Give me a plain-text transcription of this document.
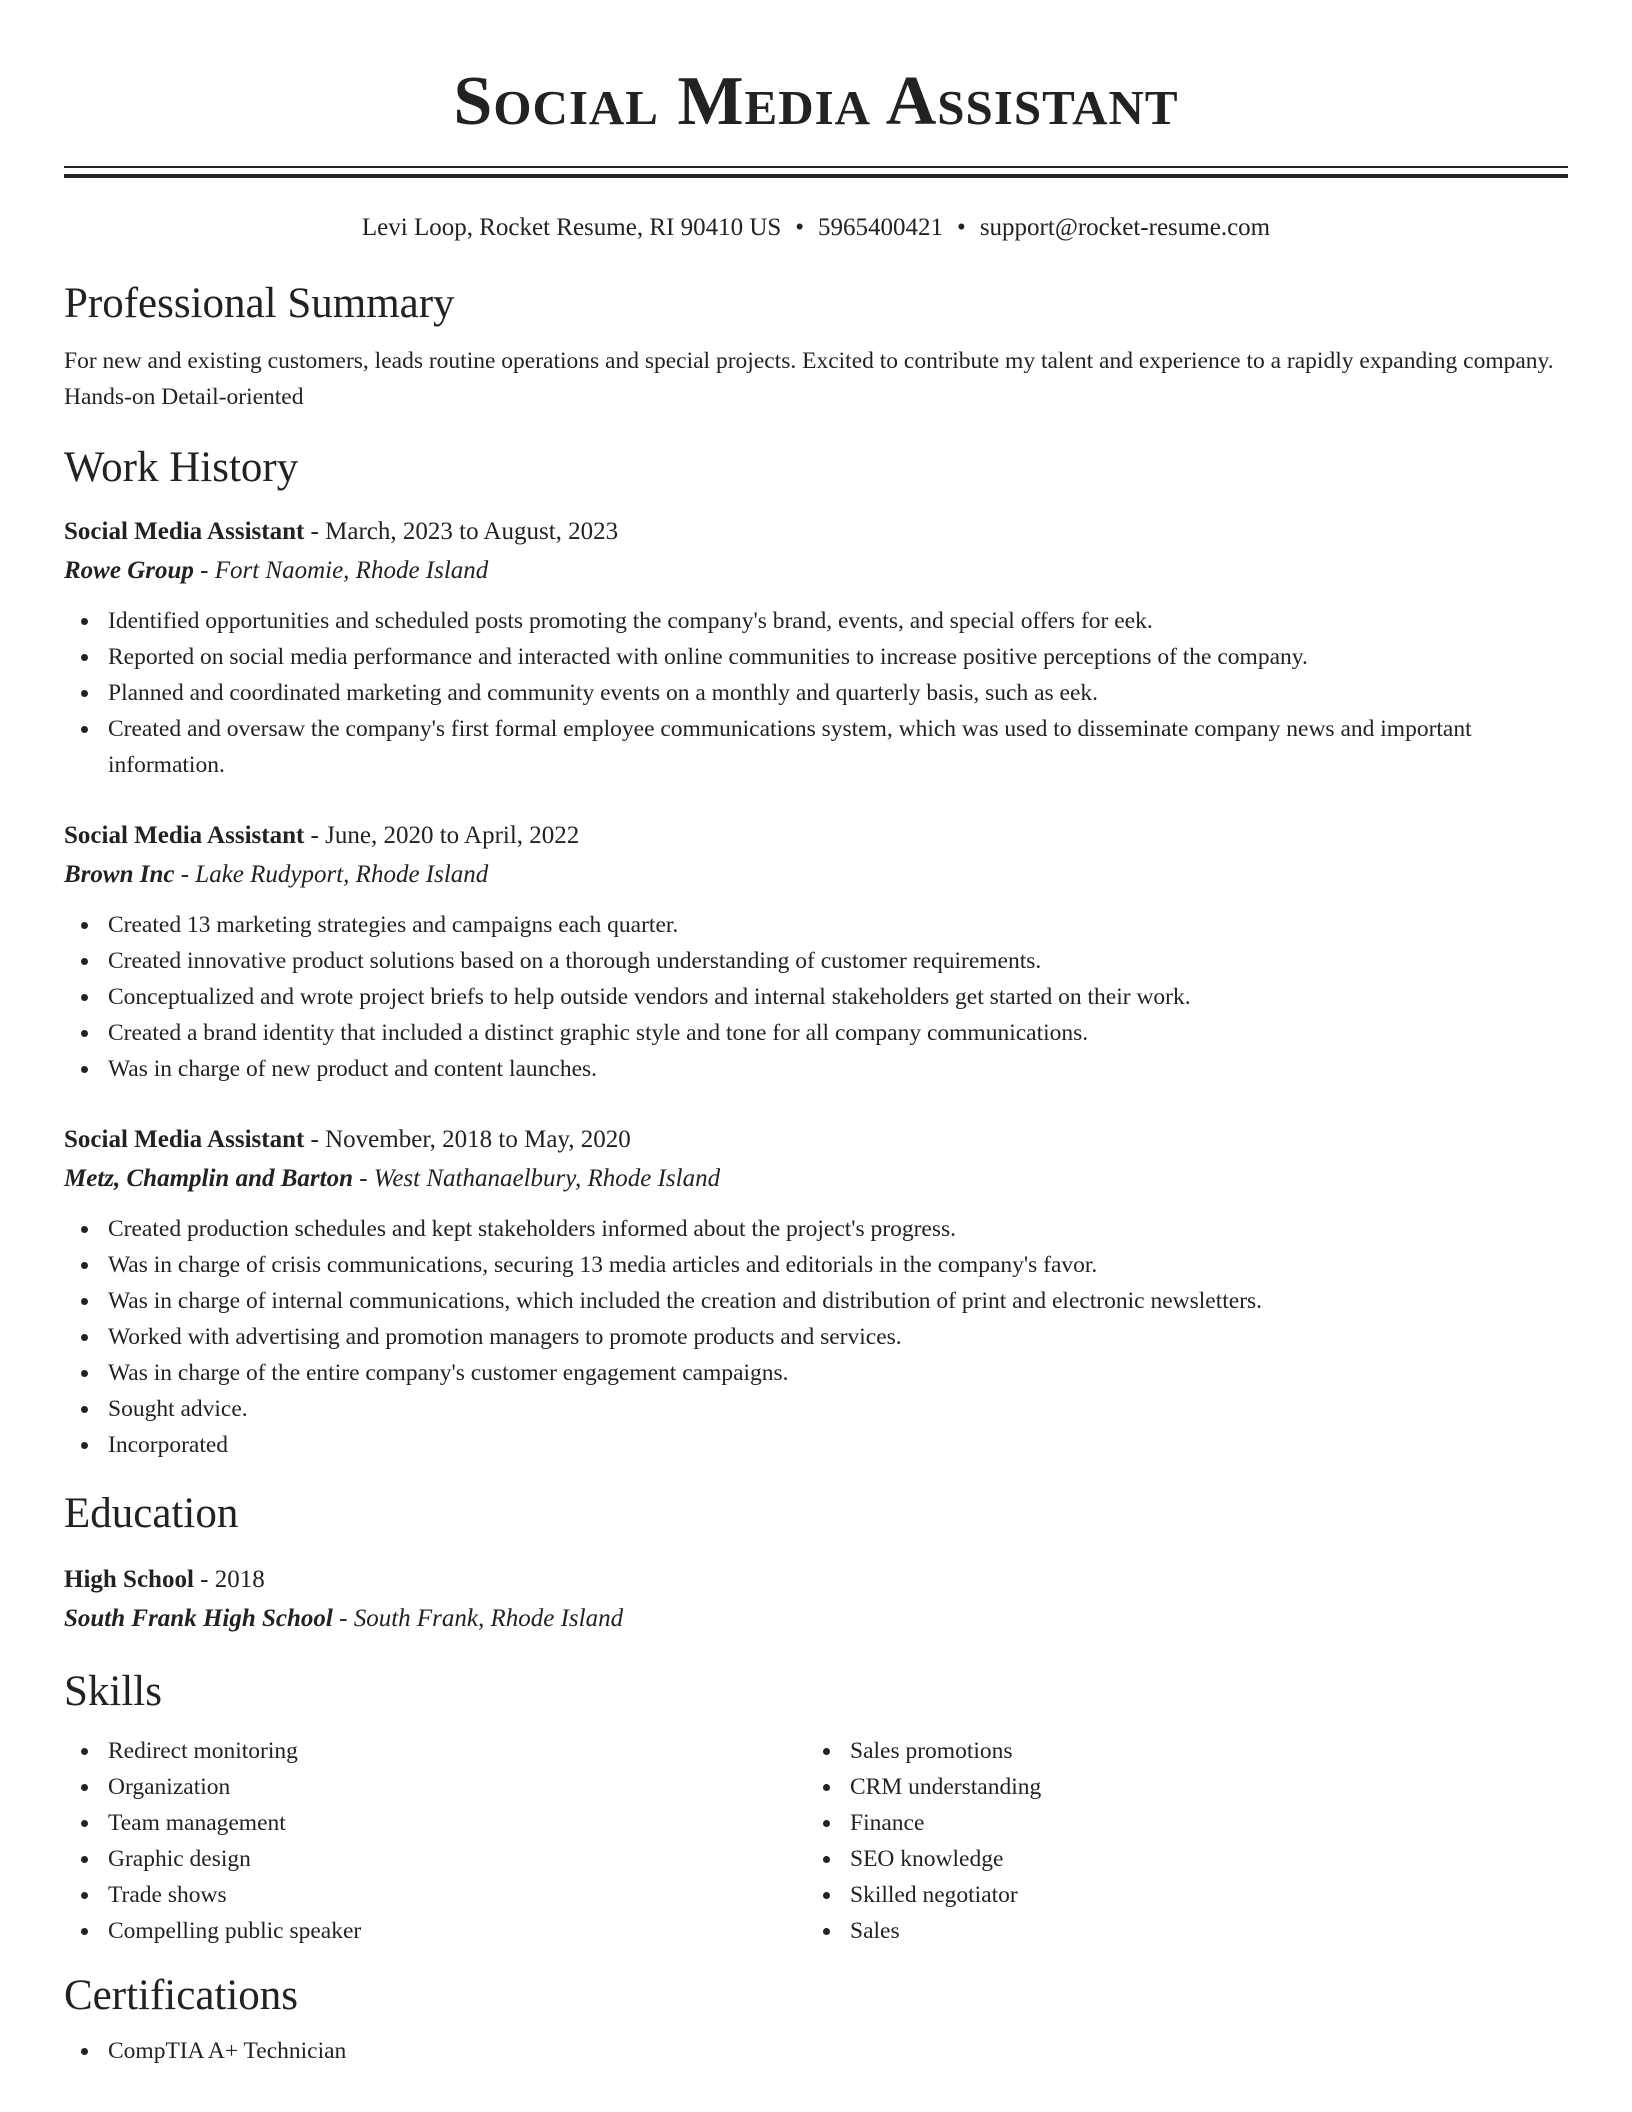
Social Media Assistant
Levi Loop, Rocket Resume, RI 90410 US • 5965400421 • support@rocket-resume.com
Professional Summary
For new and existing customers, leads routine operations and special projects. Excited to contribute my talent and experience to a rapidly expanding company. Hands-on Detail-oriented
Work History
Social Media Assistant - March, 2023 to August, 2023
Rowe Group - Fort Naomie, Rhode Island
Identified opportunities and scheduled posts promoting the company's brand, events, and special offers for eek.
Reported on social media performance and interacted with online communities to increase positive perceptions of the company.
Planned and coordinated marketing and community events on a monthly and quarterly basis, such as eek.
Created and oversaw the company's first formal employee communications system, which was used to disseminate company news and important information.
Social Media Assistant - June, 2020 to April, 2022
Brown Inc - Lake Rudyport, Rhode Island
Created 13 marketing strategies and campaigns each quarter.
Created innovative product solutions based on a thorough understanding of customer requirements.
Conceptualized and wrote project briefs to help outside vendors and internal stakeholders get started on their work.
Created a brand identity that included a distinct graphic style and tone for all company communications.
Was in charge of new product and content launches.
Social Media Assistant - November, 2018 to May, 2020
Metz, Champlin and Barton - West Nathanaelbury, Rhode Island
Created production schedules and kept stakeholders informed about the project's progress.
Was in charge of crisis communications, securing 13 media articles and editorials in the company's favor.
Was in charge of internal communications, which included the creation and distribution of print and electronic newsletters.
Worked with advertising and promotion managers to promote products and services.
Was in charge of the entire company's customer engagement campaigns.
Sought advice.
Incorporated
Education
High School - 2018
South Frank High School - South Frank, Rhode Island
Skills
Redirect monitoring
Organization
Team management
Graphic design
Trade shows
Compelling public speaker
Sales promotions
CRM understanding
Finance
SEO knowledge
Skilled negotiator
Sales
Certifications
CompTIA A+ Technician
